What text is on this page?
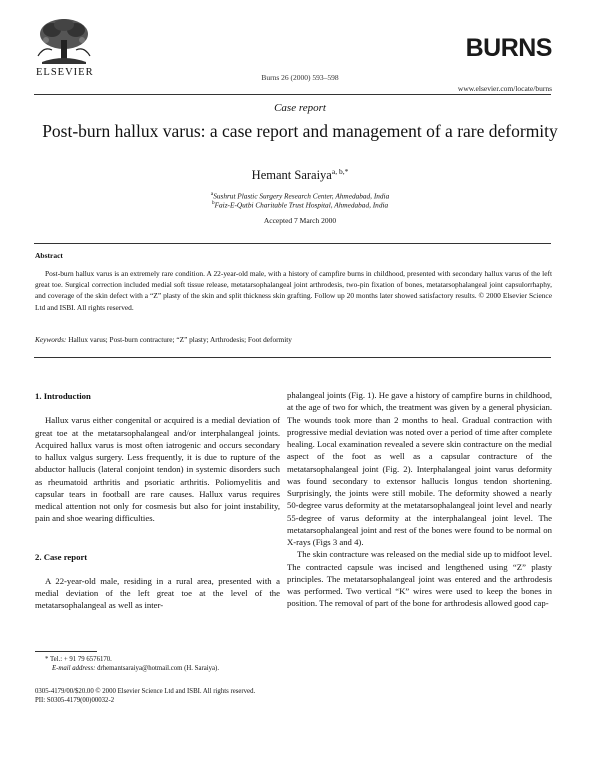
ELSEVIER	Burns 26 (2000) 593–598
BURNS
www.elsevier.com/locate/burns
Case report
Post-burn hallux varus: a case report and management of a rare deformity
Hemant Saraiya$^{a, b,*}$
$^a$Sushrut Plastic Surgery Research Center, Ahmedabad, India
$^b$Faiz-E-Qutbi Charitable Trust Hospital, Ahmedabad, India
Accepted 7 March 2000
Abstract
Post-burn hallux varus is an extremely rare condition. A 22-year-old male, with a history of campfire burns in childhood, presented with secondary hallux varus of the left great toe. Surgical correction included medial soft tissue release, metatarsophalangeal joint arthrodesis, two-pin fixation of bones, metatarsophalangeal joint capsulorrhaphy, and coverage of the skin defect with a “Z” plasty of the skin and split thickness skin grafting. Follow up 20 months later showed satisfactory results. © 2000 Elsevier Science Ltd and ISBI. All rights reserved.
Keywords: Hallux varus; Post-burn contracture; “Z” plasty; Arthrodesis; Foot deformity
1. Introduction

Hallux varus either congenital or acquired is a medial deviation of great toe at the metatarsophalangeal and/or interphalangeal joints. Acquired hallux varus is most often iatrogenic and occurs secondary to hallux valgus surgery. Less frequently, it is due to rupture of the abductor hallucis (lateral conjoint tendon) in systemic disorders such as rheumatoid arthritis and psoriatic arthritis. Poliomyelitis and capsular tears in football are rare causes. Hallux varus requires medical attention not only for cosmesis but also for joint instability, pain and shoe wearing difficulties.

2. Case report

A 22-year-old male, residing in a rural area, presented with a medial deviation of the left great toe at the level of the metatarsophalangeal as well as inter-

phalangeal joints (Fig. 1). He gave a history of campfire burns in childhood, at the age of two for which, the treatment was given by a general physician. The wounds took more than 2 months to heal. Gradual contraction with progressive medial deviation was noted over a period of time after complete healing. Local examination revealed a severe skin contracture on the medial aspect of the foot as well as a capsular contracture of the metatarsophalangeal joint (Fig. 2). Interphalangeal joint varus deformity was found secondary to extensor hallucis longus tendon shortening. Surprisingly, the joints were still mobile. The deformity showed a nearly 50-degree varus deformity at the metatarsophalangeal joint level and nearly 55-degree of varus deformity at the interphalangeal joint level. The metatarsophalangeal joint and rest of the bones were found to be normal on X-rays (Figs 3 and 4).

The skin contracture was released on the medial side up to midfoot level. The contracted capsule was incised and lengthened using “Z” plasty principles. The metatarsophalangeal joint was entered and the arthrodesis was performed. Two vertical “K” wires were used to keep the bones in position. The removal of part of the bone for arthrodesis allowed good cap-

* Tel.: + 91 79 6576170.
E-mail address: drhemantsaraiya@hotmail.com (H. Saraiya).
0305-4179/00/$20.00 © 2000 Elsevier Science Ltd and ISBI. All rights reserved.
PII: S0305-4179(00)00032-2
